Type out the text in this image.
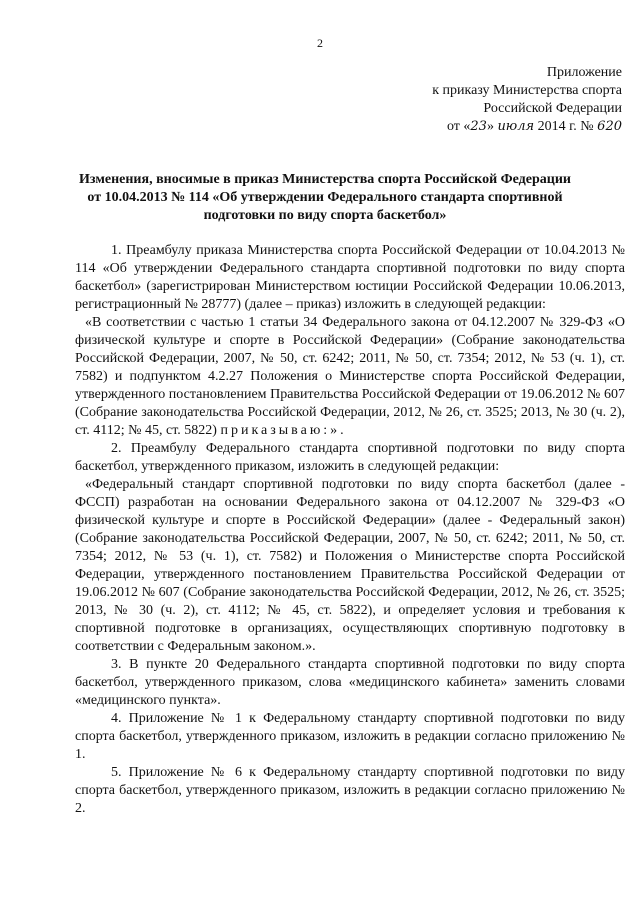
2
Приложение
к приказу Министерства спорта
Российской Федерации
от «23» июля 2014 г. № 620
Изменения, вносимые в приказ Министерства спорта Российской Федерации
от 10.04.2013 № 114 «Об утверждении Федерального стандарта спортивной
подготовки по виду спорта баскетбол»

1. Преамбулу приказа Министерства спорта Российской Федерации от 10.04.2013 № 114 «Об утверждении Федерального стандарта спортивной подготовки по виду спорта баскетбол» (зарегистрирован Министерством юстиции Российской Федерации 10.06.2013, регистрационный № 28777) (далее – приказ) изложить в следующей редакции:

«В соответствии с частью 1 статьи 34 Федерального закона от 04.12.2007 № 329-ФЗ «О физической культуре и спорте в Российской Федерации» (Собрание законодательства Российской Федерации, 2007, № 50, ст. 6242; 2011, № 50, ст. 7354; 2012, № 53 (ч. 1), ст. 7582) и подпунктом 4.2.27 Положения о Министерстве спорта Российской Федерации, утвержденного постановлением Правительства Российской Федерации от 19.06.2012 № 607 (Собрание законодательства Российской Федерации, 2012, № 26, ст. 3525; 2013, № 30 (ч. 2), ст. 4112; № 45, ст. 5822) приказываю:».

2. Преамбулу Федерального стандарта спортивной подготовки по виду спорта баскетбол, утвержденного приказом, изложить в следующей редакции:

«Федеральный стандарт спортивной подготовки по виду спорта баскетбол (далее - ФССП) разработан на основании Федерального закона от 04.12.2007 № 329-ФЗ «О физической культуре и спорте в Российской Федерации» (далее - Федеральный закон) (Собрание законодательства Российской Федерации, 2007, № 50, ст. 6242; 2011, № 50, ст. 7354; 2012, № 53 (ч. 1), ст. 7582) и Положения о Министерстве спорта Российской Федерации, утвержденного постановлением Правительства Российской Федерации от 19.06.2012 № 607 (Собрание законодательства Российской Федерации, 2012, № 26, ст. 3525; 2013, № 30 (ч. 2), ст. 4112; № 45, ст. 5822), и определяет условия и требования к спортивной подготовке в организациях, осуществляющих спортивную подготовку в соответствии с Федеральным законом.».

3. В пункте 20 Федерального стандарта спортивной подготовки по виду спорта баскетбол, утвержденного приказом, слова «медицинского кабинета» заменить словами «медицинского пункта».

4. Приложение № 1 к Федеральному стандарту спортивной подготовки по виду спорта баскетбол, утвержденного приказом, изложить в редакции согласно приложению № 1.

5. Приложение № 6 к Федеральному стандарту спортивной подготовки по виду спорта баскетбол, утвержденного приказом, изложить в редакции согласно приложению № 2.
